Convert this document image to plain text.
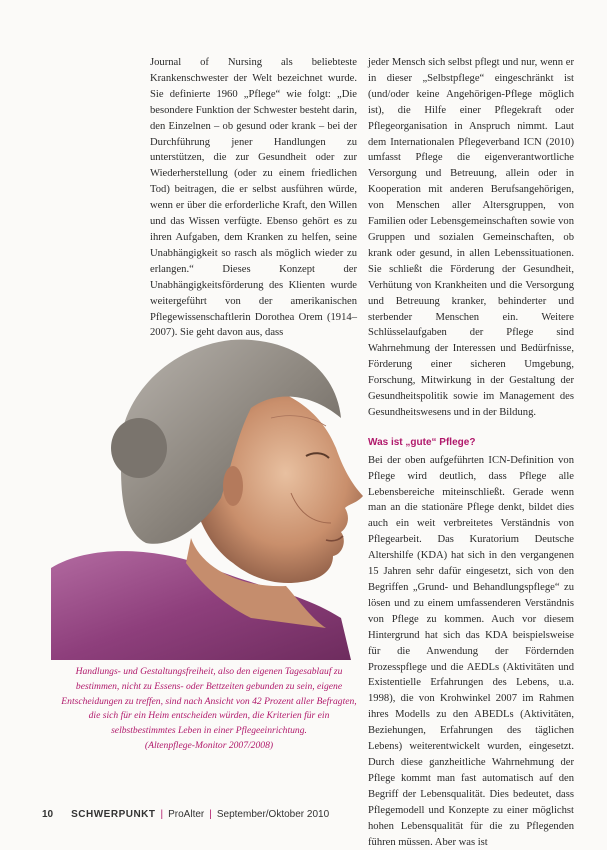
Journal of Nursing als beliebteste Krankenschwester der Welt bezeichnet wurde. Sie definierte 1960 „Pflege“ wie folgt: „Die besondere Funktion der Schwester besteht darin, den Einzelnen – ob gesund oder krank – bei der Durchführung jener Handlungen zu unterstützen, die zur Gesundheit oder zur Wiederherstellung (oder zu einem friedlichen Tod) beitragen, die er selbst ausführen würde, wenn er über die erforderliche Kraft, den Willen und das Wissen verfügte. Ebenso gehört es zu ihren Aufgaben, dem Kranken zu helfen, seine Unabhängigkeit so rasch als möglich wieder zu erlangen.“ Dieses Konzept der Unabhängigkeitsförderung des Klienten wurde weitergeführt von der amerikanischen Pflegewissenschaftlerin Dorothea Orem (1914–2007). Sie geht davon aus, dass

jeder Mensch sich selbst pflegt und nur, wenn er in dieser „Selbstpflege“ eingeschränkt ist (und/oder keine Angehörigen-Pflege möglich ist), die Hilfe einer Pflegekraft oder Pflegeorganisation in Anspruch nimmt. Laut dem Internationalen Pflegeverband ICN (2010) umfasst Pflege die eigenverantwortliche Versorgung und Betreuung, allein oder in Kooperation mit anderen Berufsangehörigen, von Menschen aller Altersgruppen, von Familien oder Lebensgemeinschaften sowie von Gruppen und sozialen Gemeinschaften, ob krank oder gesund, in allen Lebenssituationen. Sie schließt die Förderung der Gesundheit, Verhütung von Krankheiten und die Versorgung und Betreuung kranker, behinderter und sterbender Menschen ein. Weitere Schlüsselaufgaben der Pflege sind Wahrnehmung der Interessen und Bedürfnisse, Förderung einer sicheren Umgebung, Forschung, Mitwirkung in der Gestaltung der Gesundheitspolitik sowie im Management des Gesundheitswesens und in der Bildung.

Was ist „gute“ Pflege?

Bei der oben aufgeführten ICN-Definition von Pflege wird deutlich, dass Pflege alle Lebensbereiche miteinschließt. Gerade wenn man an die stationäre Pflege denkt, bildet dies auch ein weit verbreitetes Verständnis von Pflegearbeit. Das Kuratorium Deutsche Altershilfe (KDA) hat sich in den vergangenen 15 Jahren sehr dafür eingesetzt, sich von den Begriffen „Grund- und Behandlungspflege“ zu lösen und zu einem umfassenderen Verständnis von Pflege zu kommen. Auch vor diesem Hintergrund hat sich das KDA beispielsweise für die Anwendung der Fördernden Prozesspflege und die AEDLs (Aktivitäten und Existentielle Erfahrungen des Lebens, u.a. 1998), die von Krohwinkel 2007 im Rahmen ihres Modells zu den ABEDLs (Aktivitäten, Beziehungen, Erfahrungen des täglichen Lebens) weiterentwickelt wurden, eingesetzt. Durch diese ganzheitliche Wahrnehmung der Pflege kommt man fast automatisch auf den Begriff der Lebensqualität. Dies bedeutet, dass Pflegemodell und Konzepte zu einer möglichst hohen Lebensqualität für die zu Pflegenden führen müssen. Aber was ist

Handlungs- und Gestaltungsfreiheit, also den eigenen Tagesablauf zu bestimmen, nicht zu Essens- oder Bettzeiten gebunden zu sein, eigene Entscheidungen zu treffen, sind nach Ansicht von 42 Prozent aller Befragten, die sich für ein Heim entscheiden würden, die Kriterien für ein selbstbestimmtes Leben in einer Pflegeeinrichtung.
(Altenpflege-Monitor 2007/2008)
10 SCHWERPUNKT | ProAlter | September/Oktober 2010
